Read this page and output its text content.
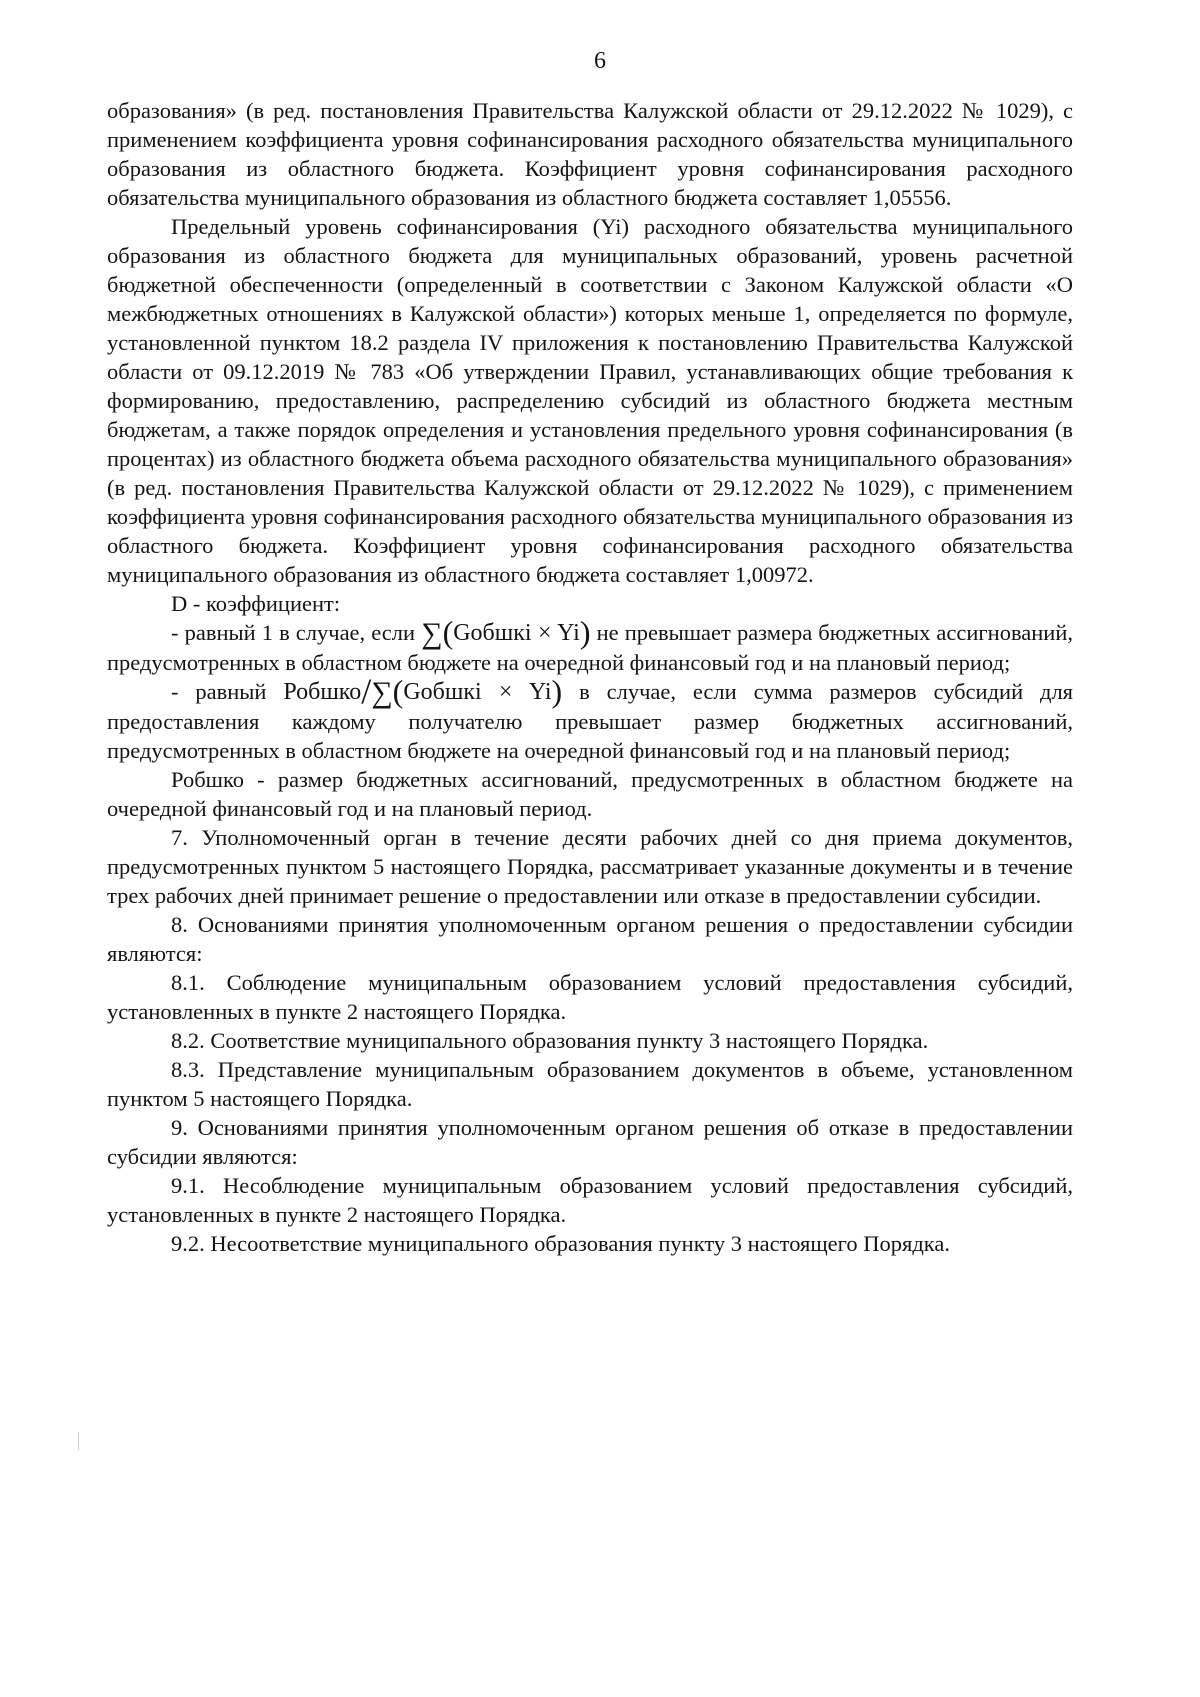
6

образования» (в ред. постановления Правительства Калужской области от 29.12.2022 № 1029), с применением коэффициента уровня софинансирования расходного обязательства муниципального образования из областного бюджета. Коэффициент уровня софинансирования расходного обязательства муниципального образования из областного бюджета составляет 1,05556.

Предельный уровень софинансирования (Yi) расходного обязательства муниципального образования из областного бюджета для муниципальных образований, уровень расчетной бюджетной обеспеченности (определенный в соответствии с Законом Калужской области «О межбюджетных отношениях в Калужской области») которых меньше 1, определяется по формуле, установленной пунктом 18.2 раздела IV приложения к постановлению Правительства Калужской области от 09.12.2019 № 783 «Об утверждении Правил, устанавливающих общие требования к формированию, предоставлению, распределению субсидий из областного бюджета местным бюджетам, а также порядок определения и установления предельного уровня софинансирования (в процентах) из областного бюджета объема расходного обязательства муниципального образования» (в ред. постановления Правительства Калужской области от 29.12.2022 № 1029), с применением коэффициента уровня софинансирования расходного обязательства муниципального образования из областного бюджета. Коэффициент уровня софинансирования расходного обязательства муниципального образования из областного бюджета составляет 1,00972.

D - коэффициент:

- равный 1 в случае, если ∑(Gобшкi × Yi) не превышает размера бюджетных ассигнований, предусмотренных в областном бюджете на очередной финансовый год и на плановый период;

- равный Робшко/∑(Gобшкi × Yi) в случае, если сумма размеров субсидий для предоставления каждому получателю превышает размер бюджетных ассигнований, предусмотренных в областном бюджете на очередной финансовый год и на плановый период;

Робшко - размер бюджетных ассигнований, предусмотренных в областном бюджете на очередной финансовый год и на плановый период.

7. Уполномоченный орган в течение десяти рабочих дней со дня приема документов, предусмотренных пунктом 5 настоящего Порядка, рассматривает указанные документы и в течение трех рабочих дней принимает решение о предоставлении или отказе в предоставлении субсидии.

8. Основаниями принятия уполномоченным органом решения о предоставлении субсидии являются:

8.1. Соблюдение муниципальным образованием условий предоставления субсидий, установленных в пункте 2 настоящего Порядка.

8.2. Соответствие муниципального образования пункту 3 настоящего Порядка.

8.3. Представление муниципальным образованием документов в объеме, установленном пунктом 5 настоящего Порядка.

9. Основаниями принятия уполномоченным органом решения об отказе в предоставлении субсидии являются:

9.1. Несоблюдение муниципальным образованием условий предоставления субсидий, установленных в пункте 2 настоящего Порядка.

9.2. Несоответствие муниципального образования пункту 3 настоящего Порядка.
